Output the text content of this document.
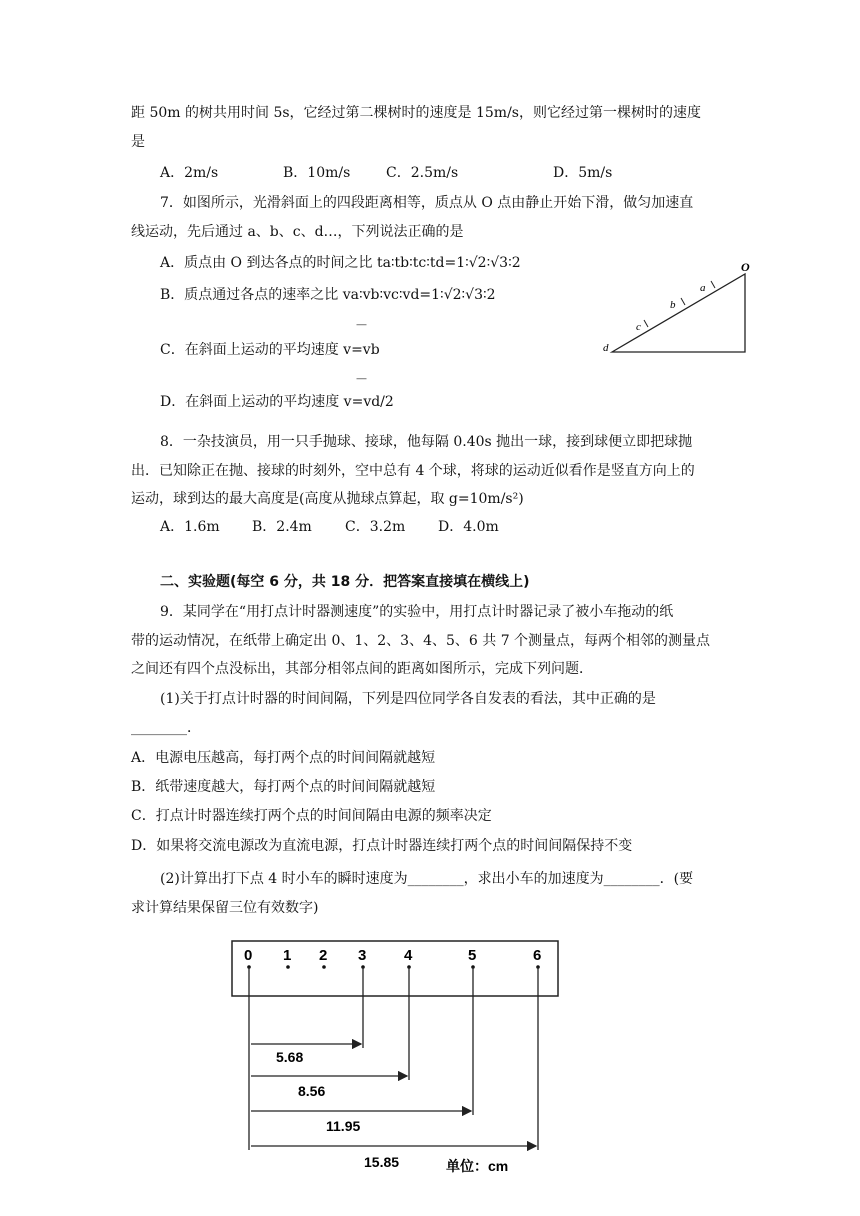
距 50m 的树共用时间 5s，它经过第二棵树时的速度是 15m/s，则它经过第一棵树时的速度
是
A．2m/s	B．10m/s	C．2.5m/s	D．5m/s
7．如图所示，光滑斜面上的四段距离相等，质点从 O 点由静止开始下滑，做匀加速直
线运动，先后通过 a、b、c、d…，下列说法正确的是
A．质点由 O 到达各点的时间之比 ta∶tb∶tc∶td=1∶√2∶√3∶2
B．质点通过各点的速率之比 va∶vb∶vc∶vd=1∶√2∶√3∶2
—
C．在斜面上运动的平均速度 v=vb
—
D．在斜面上运动的平均速度 v=vd/2
O
a
b
c
d
8．一杂技演员，用一只手抛球、接球，他每隔 0.40s 抛出一球，接到球便立即把球抛
出．已知除正在抛、接球的时刻外，空中总有 4 个球，将球的运动近似看作是竖直方向上的
运动，球到达的最大高度是(高度从抛球点算起，取 g=10m/s²)
A．1.6m B．2.4m C．3.2m D．4.0m
二、实验题(每空 6 分，共 18 分．把答案直接填在横线上)
9．某同学在“用打点计时器测速度”的实验中，用打点计时器记录了被小车拖动的纸
带的运动情况，在纸带上确定出 0、1、2、3、4、5、6 共 7 个测量点，每两个相邻的测量点
之间还有四个点没标出，其部分相邻点间的距离如图所示，完成下列问题．
(1)关于打点计时器的时间间隔，下列是四位同学各自发表的看法，其中正确的是
________．
A．电源电压越高，每打两个点的时间间隔就越短
B．纸带速度越大，每打两个点的时间间隔就越短
C．打点计时器连续打两个点的时间间隔由电源的频率决定
D．如果将交流电源改为直流电源，打点计时器连续打两个点的时间间隔保持不变
(2)计算出打下点 4 时小车的瞬时速度为________，求出小车的加速度为________．(要
求计算结果保留三位有效数字)
0 1 2 3	4	5	6
5.68
8.56
11.95
15.85	单位：cm
